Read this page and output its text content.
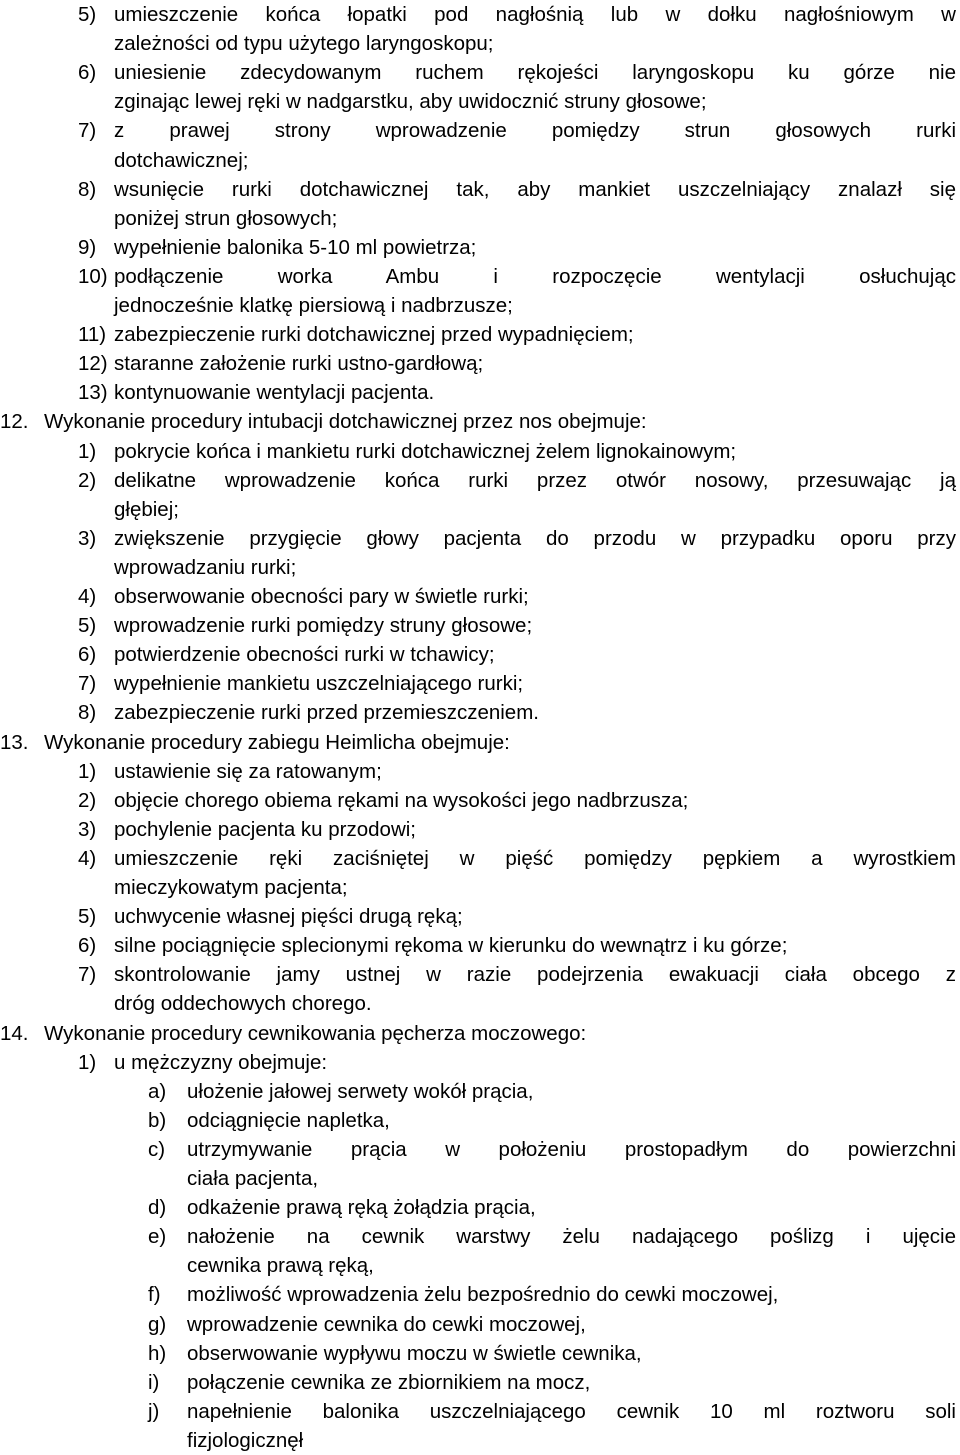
5) umieszczenie końca łopatki pod nagłośnią lub w dołku nagłośniowym w
zależności od typu użytego laryngoskopu;
6) uniesienie zdecydowanym ruchem rękojeści laryngoskopu ku górze nie
zginając lewej ręki w nadgarstku, aby uwidocznić struny głosowe;
7) z prawej strony wprowadzenie pomiędzy strun głosowych rurki
dotchawicznej;
8) wsunięcie rurki dotchawicznej tak, aby mankiet uszczelniający znalazł się
poniżej strun głosowych;
9) wypełnienie balonika 5-10 ml powietrza;
10) podłączenie worka Ambu i rozpoczęcie wentylacji osłuchując
jednocześnie klatkę piersiową i nadbrzusze;
11) zabezpieczenie rurki dotchawicznej przed wypadnięciem;
12) staranne założenie rurki ustno-gardłową;
13) kontynuowanie wentylacji pacjenta.
12. Wykonanie procedury intubacji dotchawicznej przez nos obejmuje:
1) pokrycie końca i mankietu rurki dotchawicznej żelem lignokainowym;
2) delikatne wprowadzenie końca rurki przez otwór nosowy, przesuwając ją
głębiej;
3) zwiększenie przygięcie głowy pacjenta do przodu w przypadku oporu przy
wprowadzaniu rurki;
4) obserwowanie obecności pary w świetle rurki;
5) wprowadzenie rurki pomiędzy struny głosowe;
6) potwierdzenie obecności rurki w tchawicy;
7) wypełnienie mankietu uszczelniającego rurki;
8) zabezpieczenie rurki przed przemieszczeniem.
13. Wykonanie procedury zabiegu Heimlicha obejmuje:
1) ustawienie się za ratowanym;
2) objęcie chorego obiema rękami na wysokości jego nadbrzusza;
3) pochylenie pacjenta ku przodowi;
4) umieszczenie ręki zaciśniętej w pięść pomiędzy pępkiem a wyrostkiem
mieczykowatym pacjenta;
5) uchwycenie własnej pięści drugą ręką;
6) silne pociągnięcie splecionymi rękoma w kierunku do wewnątrz i ku górze;
7) skontrolowanie jamy ustnej w razie podejrzenia ewakuacji ciała obcego z
dróg oddechowych chorego.
14. Wykonanie procedury cewnikowania pęcherza moczowego:
1) u mężczyzny obejmuje:
a) ułożenie jałowej serwety wokół prącia,
b) odciągnięcie napletka,
c) utrzymywanie prącia w położeniu prostopadłym do powierzchni
ciała pacjenta,
d) odkażenie prawą ręką żołądzia prącia,
e) nałożenie na cewnik warstwy żelu nadającego poślizg i ujęcie
cewnika prawą ręką,
f) możliwość wprowadzenia żelu bezpośrednio do cewki moczowej,
g) wprowadzenie cewnika do cewki moczowej,
h) obserwowanie wypływu moczu w świetle cewnika,
i) połączenie cewnika ze zbiornikiem na mocz,
j) napełnienie balonika uszczelniającego cewnik 10 ml roztworu soli
fizjologicznęł
